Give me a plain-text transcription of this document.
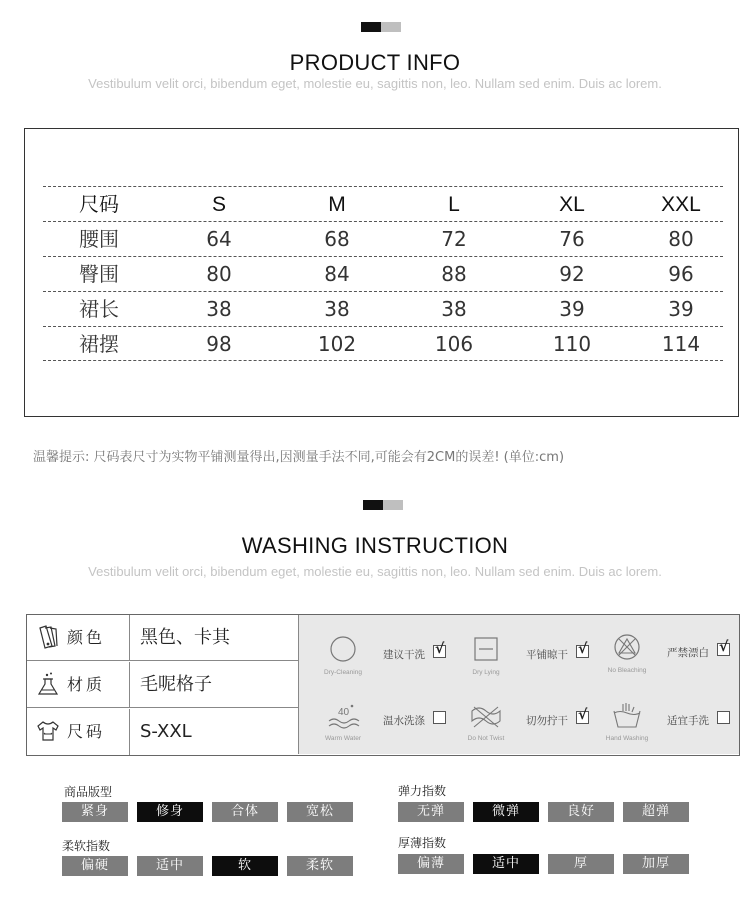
PRODUCT INFO
Vestibulum velit orci, bibendum eget, molestie eu, sagittis non, leo. Nullam sed enim. Duis ac lorem.
尺码	S	M	L	XL	XXL
腰围	64	68	72	76	80
臀围	80	84	88	92	96
裙长	38	38	38	39	39
裙摆	98	102	106	110	114
温馨提示: 尺码表尺寸为实物平铺测量得出,因测量手法不同,可能会有2CM的误差! (单位:cm)
WASHING INSTRUCTION
Vestibulum velit orci, bibendum eget, molestie eu, sagittis non, leo. Nullam sed enim. Duis ac lorem.
颜色 黑色、卡其
材质 毛呢格子
尺码 S-XXL
Dry-Cleaning
建议干洗 √
Dry Lying
平铺晾干 √
No Bleaching
严禁漂白 √
40
Warm Water
温水洗涤
Do Not Twist
切勿拧干 √
Hand Washing
适宜手洗
商品版型
紧身	修身	合体	宽松
弹力指数
无弹	微弹	良好	超弹
柔软指数
偏硬	适中	软	柔软
厚薄指数
偏薄	适中	厚	加厚
